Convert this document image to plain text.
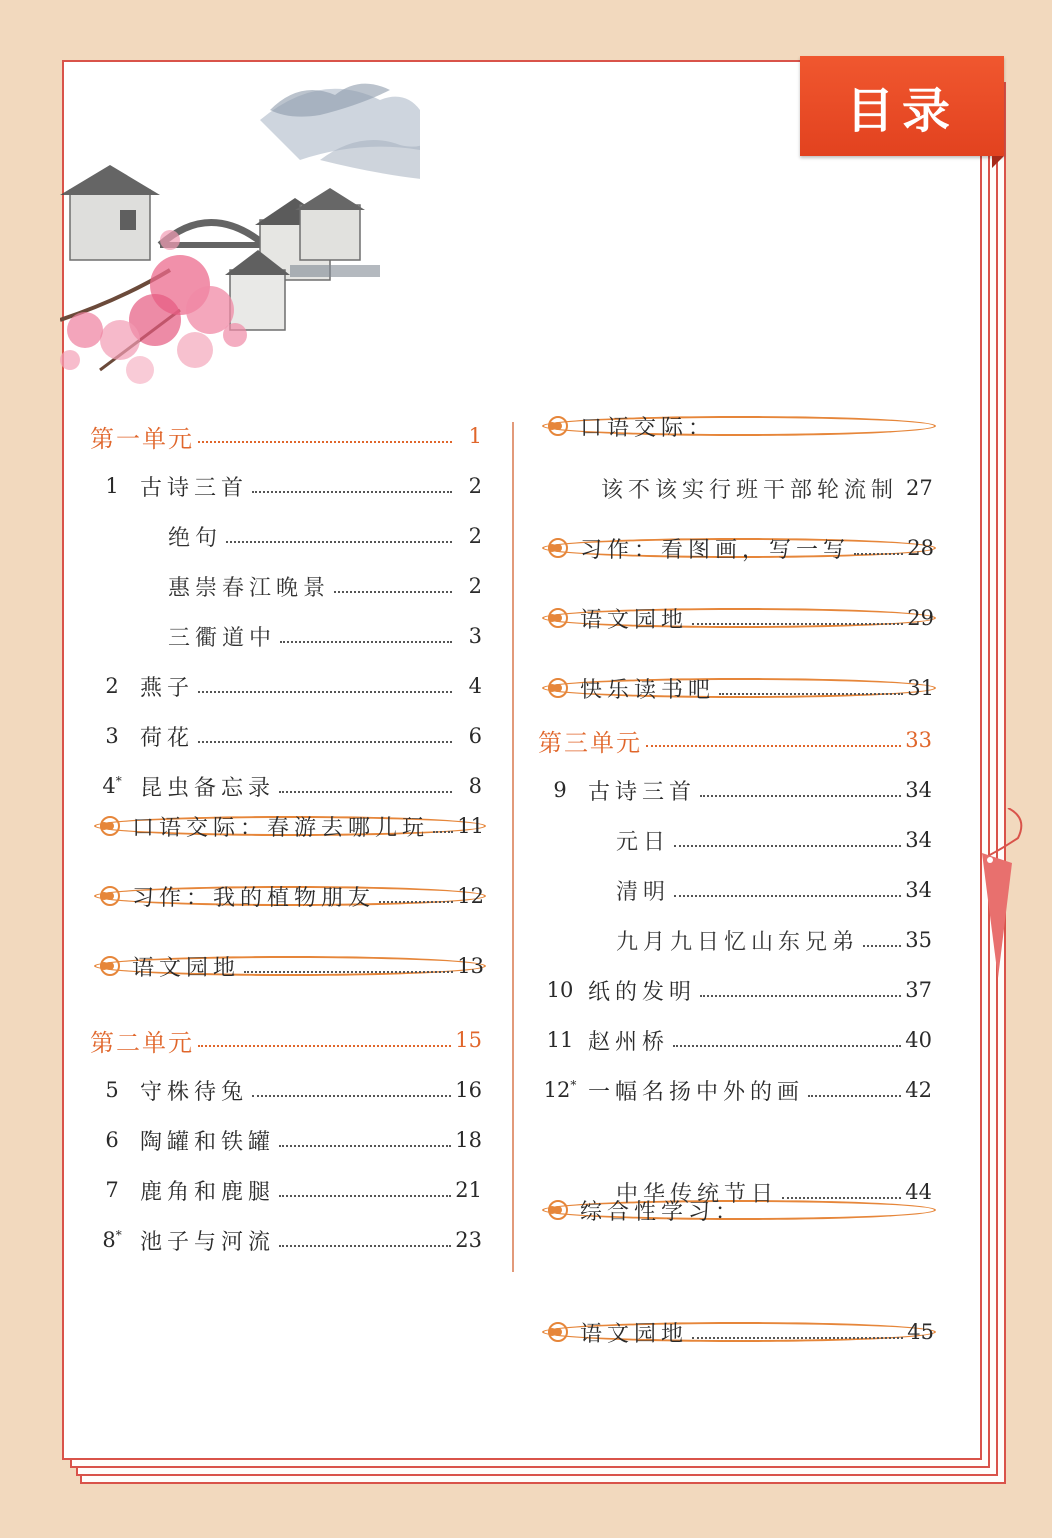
目录
第一单元	1
1 古诗三首	2
绝句	2
惠崇春江晚景	2
三衢道中	3
2 燕子	4
3 荷花	6
4* 昆虫备忘录	8
口语交际：春游去哪儿玩 11
习作：我的植物朋友	12
语文园地	13
第二单元	15
5 守株待兔	16
6 陶罐和铁罐	18
7 鹿角和鹿腿	21
8* 池子与河流	23
口语交际：
该不该实行班干部轮流制 27
习作：看图画，写一写	28
语文园地	29
快乐读书吧	31
第三单元	33
9 古诗三首	34
元日	34
清明	34
九月九日忆山东兄弟 35
10 纸的发明	37
11 赵州桥	40
12* 一幅名扬中外的画	42
综合性学习：
中华传统节日	44
语文园地	45
